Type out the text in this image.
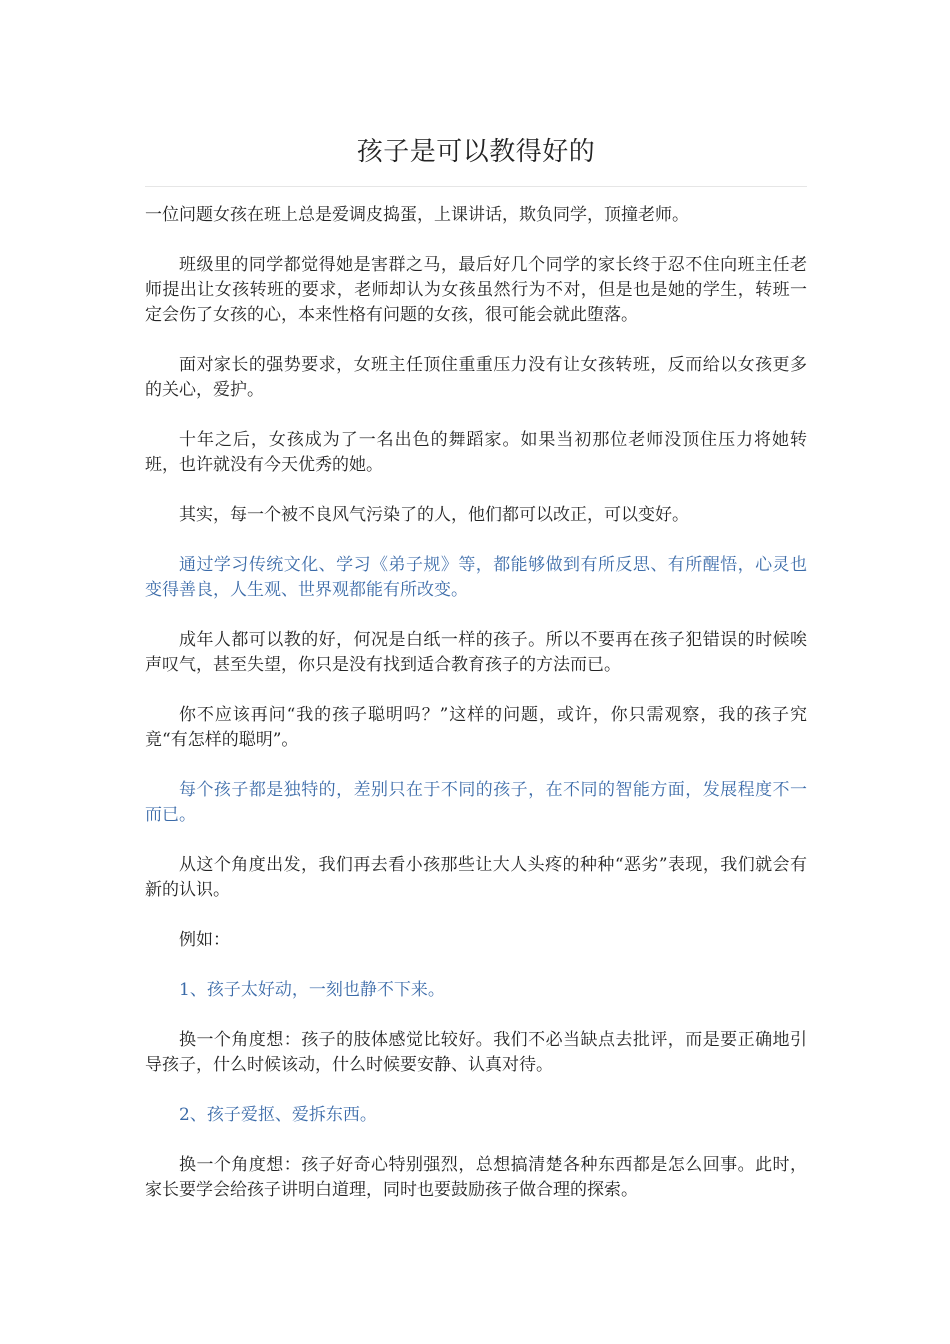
孩子是可以教得好的

一位问题女孩在班上总是爱调皮捣蛋，上课讲话，欺负同学，顶撞老师。

班级里的同学都觉得她是害群之马，最后好几个同学的家长终于忍不住向班主任老师提出让女孩转班的要求，老师却认为女孩虽然行为不对，但是也是她的学生，转班一定会伤了女孩的心，本来性格有问题的女孩，很可能会就此堕落。

面对家长的强势要求，女班主任顶住重重压力没有让女孩转班，反而给以女孩更多的关心，爱护。

十年之后，女孩成为了一名出色的舞蹈家。如果当初那位老师没顶住压力将她转班，也许就没有今天优秀的她。

其实，每一个被不良风气污染了的人，他们都可以改正，可以变好。

通过学习传统文化、学习《弟子规》等，都能够做到有所反思、有所醒悟，心灵也变得善良，人生观、世界观都能有所改变。

成年人都可以教的好，何况是白纸一样的孩子。所以不要再在孩子犯错误的时候唉声叹气，甚至失望，你只是没有找到适合教育孩子的方法而已。

你不应该再问“我的孩子聪明吗？”这样的问题，或许，你只需观察，我的孩子究竟“有怎样的聪明”。

每个孩子都是独特的，差别只在于不同的孩子，在不同的智能方面，发展程度不一而已。

从这个角度出发，我们再去看小孩那些让大人头疼的种种“恶劣”表现，我们就会有新的认识。

例如：

1、孩子太好动，一刻也静不下来。

换一个角度想：孩子的肢体感觉比较好。我们不必当缺点去批评，而是要正确地引导孩子，什么时候该动，什么时候要安静、认真对待。

2、孩子爱抠、爱拆东西。

换一个角度想：孩子好奇心特别强烈，总想搞清楚各种东西都是怎么回事。此时，家长要学会给孩子讲明白道理，同时也要鼓励孩子做合理的探索。
